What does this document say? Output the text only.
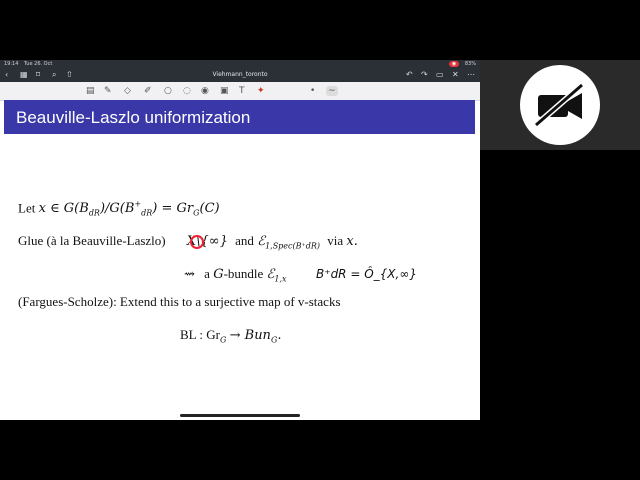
19:14 Tue 26. Oct	◉ 83%
‹ ▦ ⌑ ⌕ ⇧	Viehmann_toronto	↶ ↷ ▭ ✕ ⋯
▤ ✎ ◇ ✐ ○ ◌ ◉ ▣ T ✦	• ~
Beauville-Laszlo uniformization
Let x ∈ $G(B_{dR})/G(B^+_{dR}) = Gr_G(C)$
Glue (à la Beauville-Laszlo) X\{∞} and ℰ$_{1,Spec(B^+dR)}$ via x.
⇝ a G-bundle ℰ$_{1,x}$
(Fargues-Scholze): Extend this to a surjective map of v-stacks
BL : $Gr_G \to Bun_G$.
B⁺dR = Ô_{X,∞}
